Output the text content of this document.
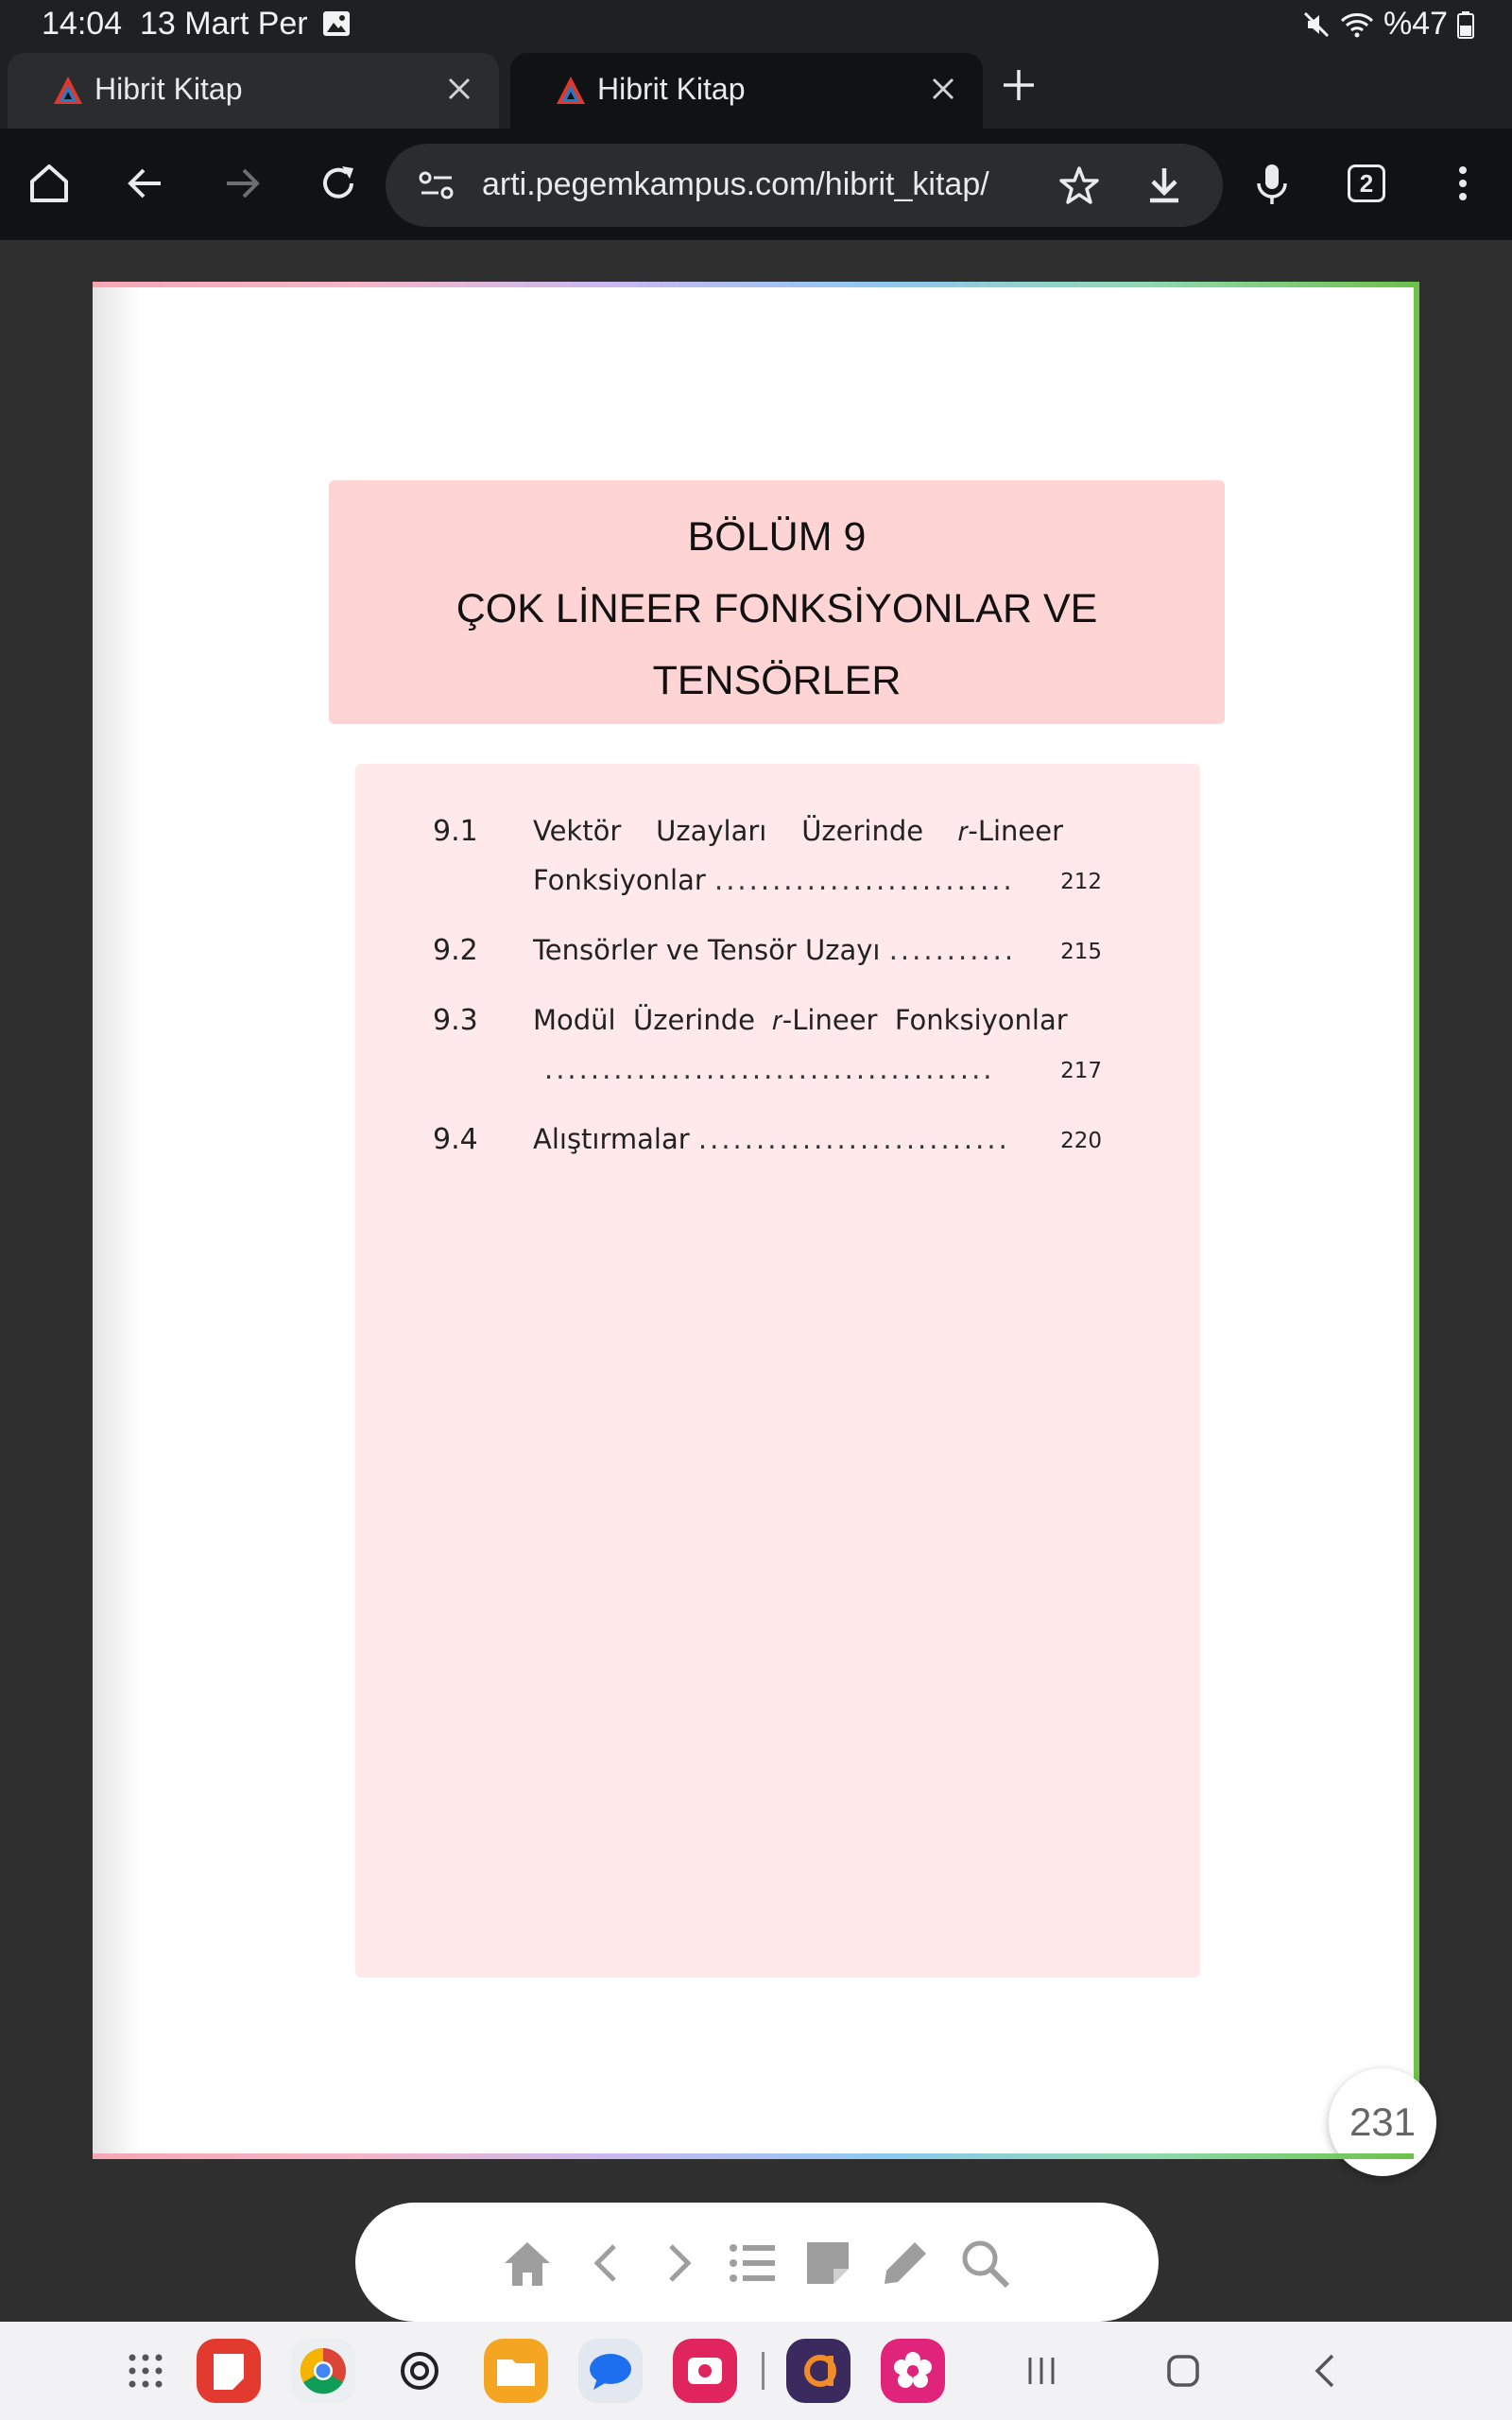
14:04 13 Mart Per	%47
Hibrit Kitap	Hibrit Kitap
arti.pegemkampus.com/hibrit_kitap/	2
BÖLÜM 9
ÇOK LİNEER FONKSİYONLAR VE
TENSÖRLER
9.1 Vektör    Uzayları    Üzerinde    𝑟-Lineer
Fonksiyonlar ..........................	212
9.2 Tensörler ve Tensör Uzayı ...........	215
9.3 Modül  Üzerinde  𝑟-Lineer  Fonksiyonlar
.......................................	217
9.4 Alıştırmalar ...........................	220
231
